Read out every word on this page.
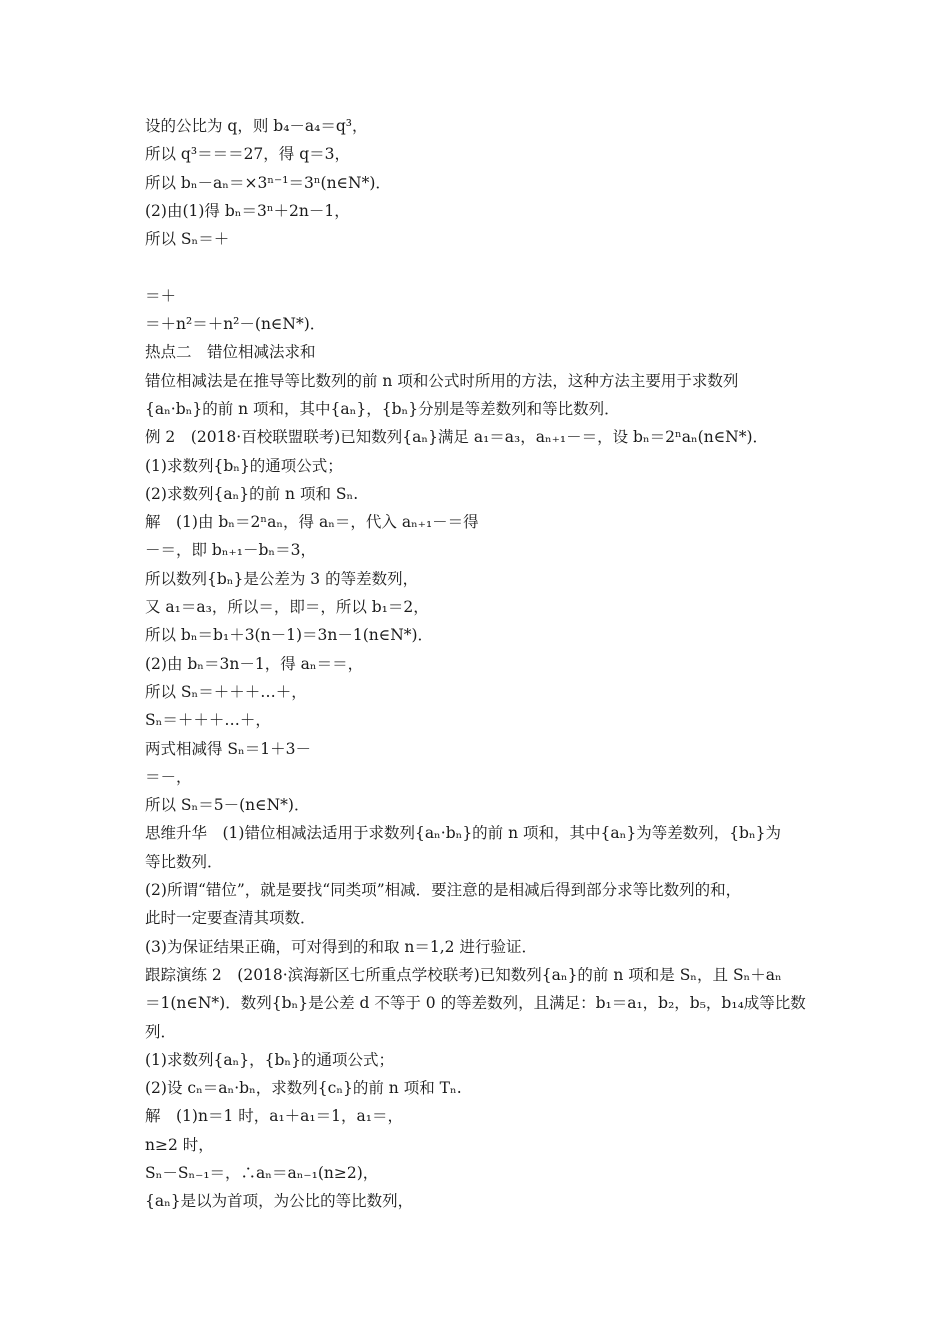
设的公比为 q，则 b₄－a₄＝q³，
所以 q³＝＝＝27，得 q＝3，
所以 bₙ－aₙ＝×3ⁿ⁻¹＝3ⁿ(n∈N*)．
(2)由(1)得 bₙ＝3ⁿ＋2n－1，
所以 Sₙ＝＋
＝＋
＝＋n²＝＋n²－(n∈N*)．
热点二　错位相减法求和
错位相减法是在推导等比数列的前 n 项和公式时所用的方法，这种方法主要用于求数列
{aₙ·bₙ}的前 n 项和，其中{aₙ}，{bₙ}分别是等差数列和等比数列．
例 2　(2018·百校联盟联考)已知数列{aₙ}满足 a₁＝a₃，aₙ₊₁－＝，设 bₙ＝2ⁿaₙ(n∈N*)．
(1)求数列{bₙ}的通项公式；
(2)求数列{aₙ}的前 n 项和 Sₙ.
解　(1)由 bₙ＝2ⁿaₙ，得 aₙ＝，代入 aₙ₊₁－＝得
－＝，即 bₙ₊₁－bₙ＝3，
所以数列{bₙ}是公差为 3 的等差数列，
又 a₁＝a₃，所以＝，即＝，所以 b₁＝2，
所以 bₙ＝b₁＋3(n－1)＝3n－1(n∈N*)．
(2)由 bₙ＝3n－1，得 aₙ＝＝，
所以 Sₙ＝＋＋＋…＋，
Sₙ＝＋＋＋…＋，
两式相减得 Sₙ＝1＋3－
＝－，
所以 Sₙ＝5－(n∈N*)．
思维升华　(1)错位相减法适用于求数列{aₙ·bₙ}的前 n 项和，其中{aₙ}为等差数列，{bₙ}为
等比数列．
(2)所谓“错位”，就是要找“同类项”相减．要注意的是相减后得到部分求等比数列的和，
此时一定要查清其项数．
(3)为保证结果正确，可对得到的和取 n＝1,2 进行验证．
跟踪演练 2　(2018·滨海新区七所重点学校联考)已知数列{aₙ}的前 n 项和是 Sₙ，且 Sₙ＋aₙ
＝1(n∈N*)．数列{bₙ}是公差 d 不等于 0 的等差数列，且满足：b₁＝a₁，b₂，b₅，b₁₄成等比数
列．
(1)求数列{aₙ}，{bₙ}的通项公式；
(2)设 cₙ＝aₙ·bₙ，求数列{cₙ}的前 n 项和 Tₙ.
解　(1)n＝1 时，a₁＋a₁＝1，a₁＝，
n≥2 时，
Sₙ－Sₙ₋₁＝，∴aₙ＝aₙ₋₁(n≥2)，
{aₙ}是以为首项，为公比的等比数列，
